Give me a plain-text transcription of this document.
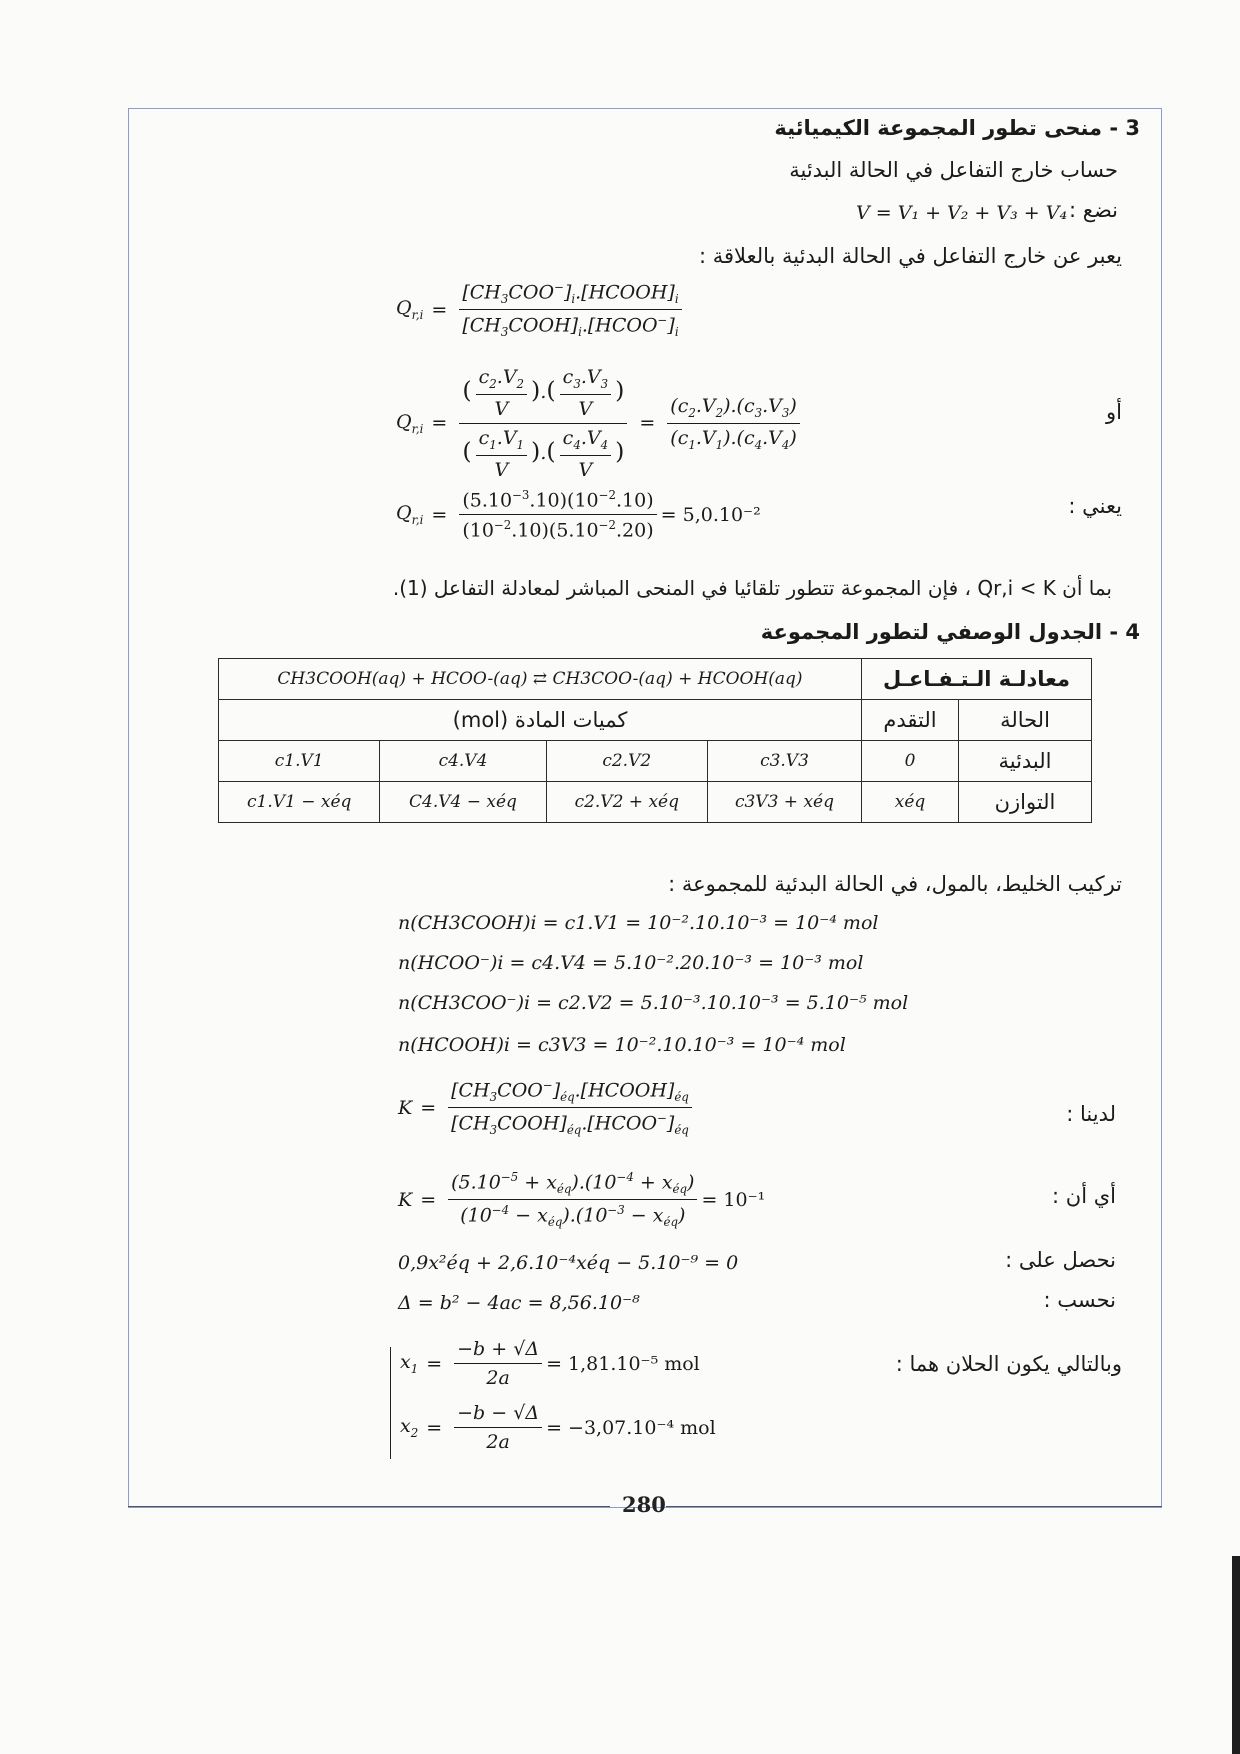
3 - منحى تطور المجموعة الكيميائية
حساب خارج التفاعل في الحالة البدئية
نضع :
V = V₁ + V₂ + V₃ + V₄
يعبر عن خارج التفاعل في الحالة البدئية بالعلاقة :
$Q_{r,i} = \frac{[CH_3COO^-]_i.[HCOOH]_i}{[CH_3COOH]_i.[HCOO^-]_i}$
أو
$Q_{r,i} = \frac{( \frac{c_2.V_2}{V} ).( \frac{c_3.V_3}{V} )}{( \frac{c_1.V_1}{V} ).( \frac{c_4.V_4}{V} )} = \frac{(c_2.V_2).(c_3.V_3)}{(c_1.V_1).(c_4.V_4)}$
يعني :
$Q_{r,i} = \frac{(5.10^{-3}.10)(10^{-2}.10)}{(10^{-2}.10)(5.10^{-2}.20)} = 5,0.10^{-2}$
بما أن Qr,i < K ، فإن المجموعة تتطور تلقائيا في المنحى المباشر لمعادلة التفاعل (1).
4 - الجدول الوصفي لتطور المجموعة
CH3COOH(aq) + HCOO-(aq) ⇄ CH3COO-(aq) + HCOOH(aq)				معادلـة الـتـفـاعـل	
كميات المادة (mol)				التقدم	الحالة
c1.V1	c4.V4	c2.V2	c3.V3	0	البدئية
c1.V1 − xéq	C4.V4 − xéq	c2.V2 + xéq	c3V3 + xéq	xéq	التوازن
تركيب الخليط، بالمول، في الحالة البدئية للمجموعة :
n(CH3COOH)i = c1.V1 = 10⁻².10.10⁻³ = 10⁻⁴ mol
n(HCOO⁻)i = c4.V4 = 5.10⁻².20.10⁻³ = 10⁻³ mol
n(CH3COO⁻)i = c2.V2 = 5.10⁻³.10.10⁻³ = 5.10⁻⁵ mol
n(HCOOH)i = c3V3 = 10⁻².10.10⁻³ = 10⁻⁴ mol
لدينا :
$K = \frac{[CH_3COO^-]_{éq}.[HCOOH]_{éq}}{[CH_3COOH]_{éq}.[HCOO^-]_{éq}}$
أي أن :
$K = \frac{(5.10^{-5} + x_{éq}).(10^{-4} + x_{éq})}{(10^{-4} - x_{éq}).(10^{-3} - x_{éq})} = 10^{-1}$
نحصل على :
0,9x²éq + 2,6.10⁻⁴xéq − 5.10⁻⁹ = 0
نحسب :
Δ = b² − 4ac = 8,56.10⁻⁸
وبالتالي يكون الحلان هما :
$x_1 = \frac{-b + √\Delta}{2a} = 1,81.10^{-5}$ mol
$x_2 = \frac{-b - √\Delta}{2a} = -3,07.10^{-4}$ mol
280
